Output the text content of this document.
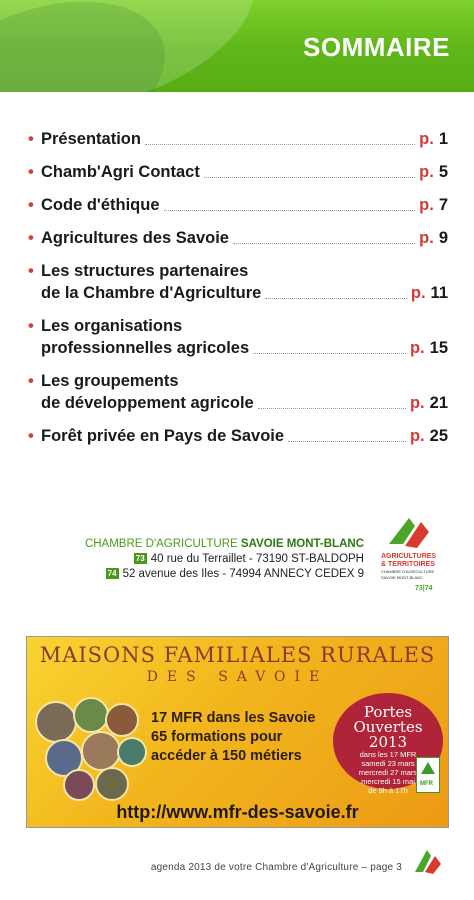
SOMMAIRE
• Présentation	p. 1
• Chamb'Agri Contact	p. 5
• Code d'éthique	p. 7
• Agricultures des Savoie	p. 9
• Les structures partenaires
de la Chambre d'Agriculture	p. 11
• Les organisations
professionnelles agricoles	p. 15
• Les groupements
de développement agricole	p. 21
• Forêt privée en Pays de Savoie	p. 25
CHAMBRE D'AGRICULTURE SAVOIE MONT-BLANC
73 40 rue du Terraillet - 73190 ST-BALDOPH
74 52 avenue des Iles - 74994 ANNECY CEDEX 9
AGRICULTURES
& TERRITOIRES
CHAMBRE D'AGRICULTURE
SAVOIE MONT-BLANC
73|74
MAISONS FAMILIALES RURALES
DES SAVOIE
17 MFR dans les Savoie
65 formations pour
accéder à 150 métiers
Portes
Ouvertes
2013
dans les 17 MFR
samedi 23 mars
mercredi 27 mars
mercredi 15 mai
de 9h à 17h
MFR
http://www.mfr-des-savoie.fr
agenda 2013 de votre Chambre d'Agriculture – page 3
